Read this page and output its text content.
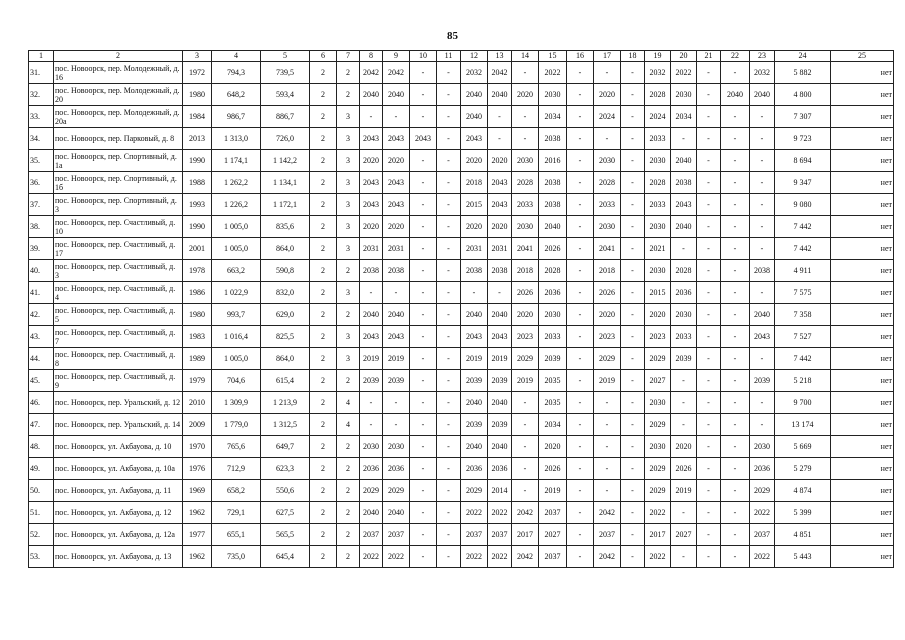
85
1	2	3	4	5	6	7	8	9	10	11	12	13	14	15	16	17	18	19	20	21	22	23	24	25
31.	пос. Новоорск, пер. Молодежный, д. 16	1972	794,3	739,5	2	2	2042	2042	-	-	2032	2042	-	2022	-	-	-	2032	2022	-	-	2032	5 882	нет
32.	пос. Новоорск, пер. Молодежный, д. 20	1980	648,2	593,4	2	2	2040	2040	-	-	2040	2040	2020	2030	-	2020	-	2028	2030	-	2040	2040	4 800	нет
33.	пос. Новоорск, пер. Молодежный, д. 20а	1984	986,7	886,7	2	3	-	-	-	-	2040	-	-	2034	-	2024	-	2024	2034	-	-	-	7 307	нет
34.	пос. Новоорск, пер. Парковый, д. 8	2013	1 313,0	726,0	2	3	2043	2043	2043	-	2043	-	-	2038	-	-	-	2033	-	-	-	-	9 723	нет
35.	пос. Новоорск, пер. Спортивный, д. 1а	1990	1 174,1	1 142,2	2	3	2020	2020	-	-	2020	2020	2030	2016	-	2030	-	2030	2040	-	-	-	8 694	нет
36.	пос. Новоорск, пер. Спортивный, д. 1б	1988	1 262,2	1 134,1	2	3	2043	2043	-	-	2018	2043	2028	2038	-	2028	-	2028	2038	-	-	-	9 347	нет
37.	пос. Новоорск, пер. Спортивный, д. 3	1993	1 226,2	1 172,1	2	3	2043	2043	-	-	2015	2043	2033	2038	-	2033	-	2033	2043	-	-	-	9 080	нет
38.	пос. Новоорск, пер. Счастливый, д. 10	1990	1 005,0	835,6	2	3	2020	2020	-	-	2020	2020	2030	2040	-	2030	-	2030	2040	-	-	-	7 442	нет
39.	пос. Новоорск, пер. Счастливый, д. 17	2001	1 005,0	864,0	2	3	2031	2031	-	-	2031	2031	2041	2026	-	2041	-	2021	-	-	-	-	7 442	нет
40.	пос. Новоорск, пер. Счастливый, д. 3	1978	663,2	590,8	2	2	2038	2038	-	-	2038	2038	2018	2028	-	2018	-	2030	2028	-	-	2038	4 911	нет
41.	пос. Новоорск, пер. Счастливый, д. 4	1986	1 022,9	832,0	2	3	-	-	-	-	-	-	2026	2036	-	2026	-	2015	2036	-	-	-	7 575	нет
42.	пос. Новоорск, пер. Счастливый, д. 5	1980	993,7	629,0	2	2	2040	2040	-	-	2040	2040	2020	2030	-	2020	-	2020	2030	-	-	2040	7 358	нет
43.	пос. Новоорск, пер. Счастливый, д. 7	1983	1 016,4	825,5	2	3	2043	2043	-	-	2043	2043	2023	2033	-	2023	-	2023	2033	-	-	2043	7 527	нет
44.	пос. Новоорск, пер. Счастливый, д. 8	1989	1 005,0	864,0	2	3	2019	2019	-	-	2019	2019	2029	2039	-	2029	-	2029	2039	-	-	-	7 442	нет
45.	пос. Новоорск, пер. Счастливый, д. 9	1979	704,6	615,4	2	2	2039	2039	-	-	2039	2039	2019	2035	-	2019	-	2027	-	-	-	2039	5 218	нет
46.	пос. Новоорск, пер. Уральский, д. 12	2010	1 309,9	1 213,9	2	4	-	-	-	-	2040	2040	-	2035	-	-	-	2030	-	-	-	-	9 700	нет
47.	пос. Новоорск, пер. Уральский, д. 14	2009	1 779,0	1 312,5	2	4	-	-	-	-	2039	2039	-	2034	-	-	-	2029	-	-	-	-	13 174	нет
48.	пос. Новоорск, ул. Акбауова, д. 10	1970	765,6	649,7	2	2	2030	2030	-	-	2040	2040	-	2020	-	-	-	2030	2020	-	-	2030	5 669	нет
49.	пос. Новоорск, ул. Акбауова, д. 10а	1976	712,9	623,3	2	2	2036	2036	-	-	2036	2036	-	2026	-	-	-	2029	2026	-	-	2036	5 279	нет
50.	пос. Новоорск, ул. Акбауова, д. 11	1969	658,2	550,6	2	2	2029	2029	-	-	2029	2014	-	2019	-	-	-	2029	2019	-	-	2029	4 874	нет
51.	пос. Новоорск, ул. Акбауова, д. 12	1962	729,1	627,5	2	2	2040	2040	-	-	2022	2022	2042	2037	-	2042	-	2022	-	-	-	2022	5 399	нет
52.	пос. Новоорск, ул. Акбауова, д. 12а	1977	655,1	565,5	2	2	2037	2037	-	-	2037	2037	2017	2027	-	2037	-	2017	2027	-	-	2037	4 851	нет
53.	пос. Новоорск, ул. Акбауова, д. 13	1962	735,0	645,4	2	2	2022	2022	-	-	2022	2022	2042	2037	-	2042	-	2022	-	-	-	2022	5 443	нет
